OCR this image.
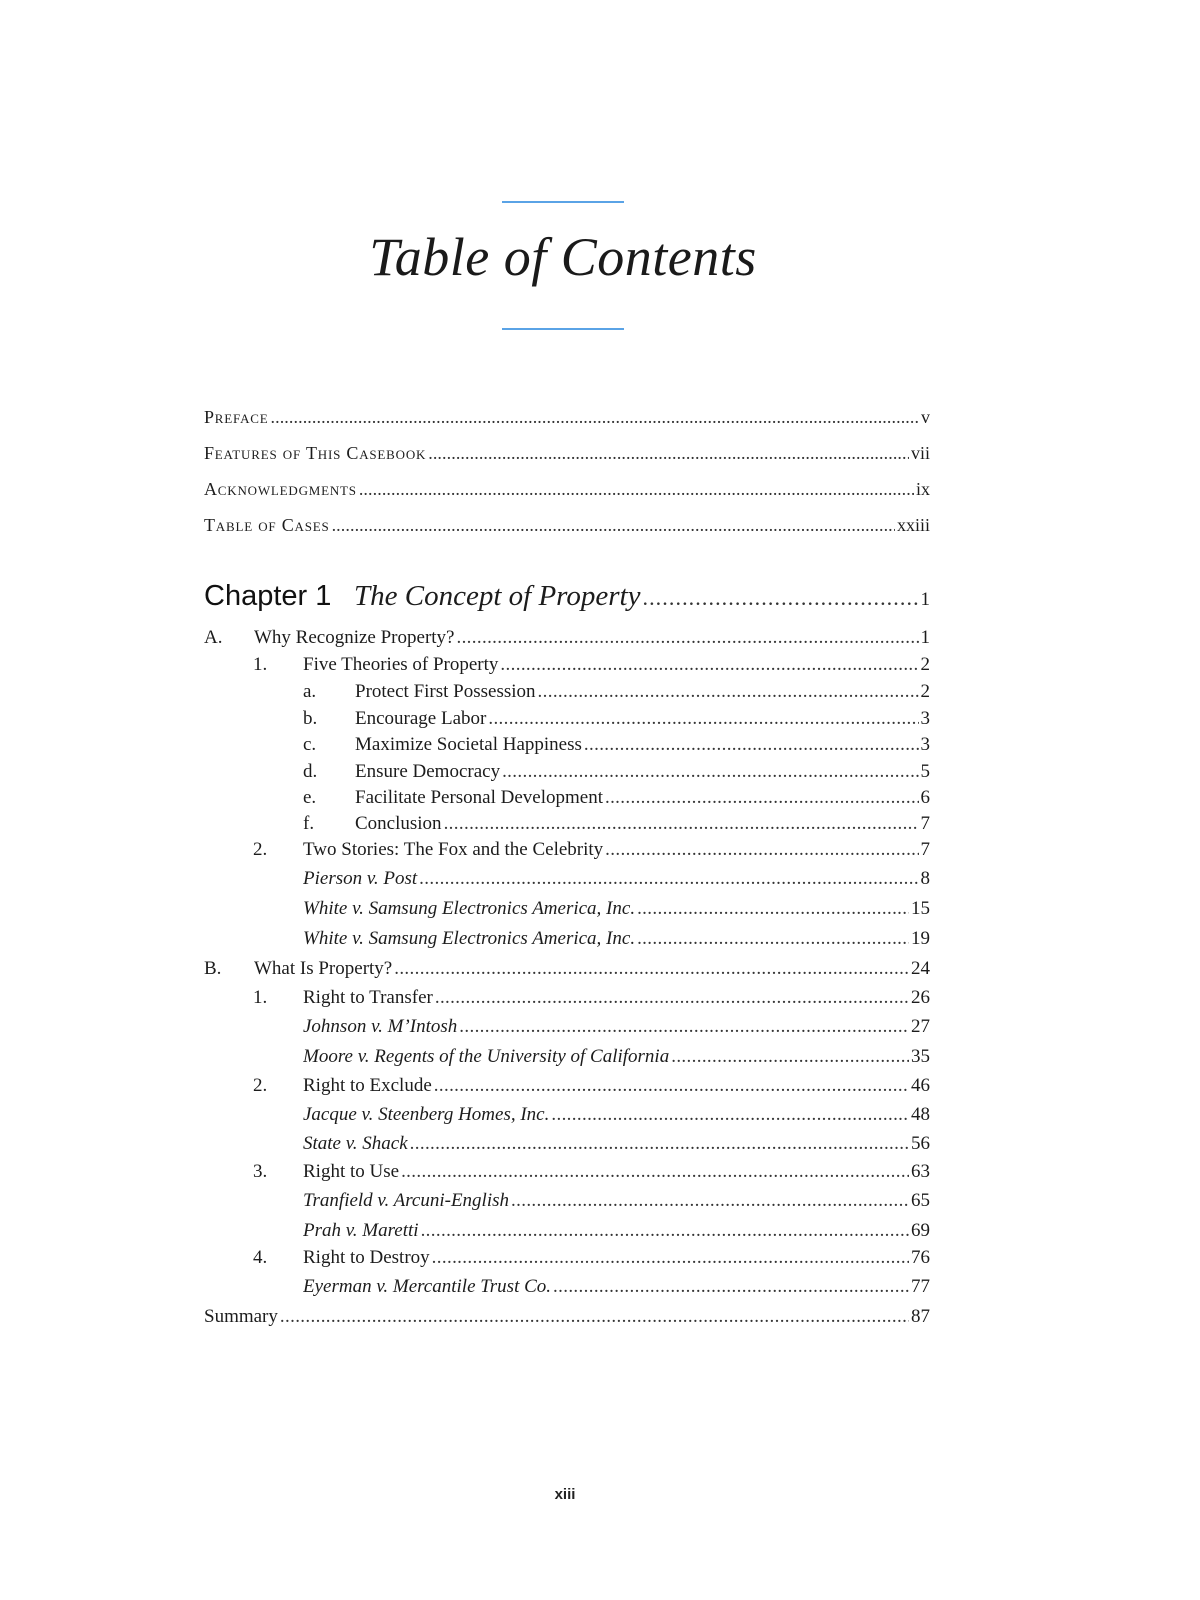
Table of Contents
Preface . . .	v
Features of This Casebook . . .	vii
Acknowledgments . . .	ix
Table of Cases . . .	xxiii
Chapter 1 The Concept of Property . . .	1
A.	Why Recognize Property? . . .	1
1.	Five Theories of Property . . .	2
a.	Protect First Possession . . .	2
b.	Encourage Labor . . .	3
c.	Maximize Societal Happiness . . .	3
d.	Ensure Democracy . . .	5
e.	Facilitate Personal Development . . .	6
f.	Conclusion . . .	7
2.	Two Stories: The Fox and the Celebrity . . .	7
Pierson v. Post . . .	8
White v. Samsung Electronics America, Inc. . . .	15
White v. Samsung Electronics America, Inc. . . .	19
B.	What Is Property? . . .	24
1.	Right to Transfer . . .	26
Johnson v. M’Intosh . . .	27
Moore v. Regents of the University of California . . .	35
2.	Right to Exclude . . .	46
Jacque v. Steenberg Homes, Inc. . . .	48
State v. Shack . . .	56
3.	Right to Use . . .	63
Tranfield v. Arcuni-English . . .	65
Prah v. Maretti . . .	69
4.	Right to Destroy . . .	76
Eyerman v. Mercantile Trust Co. . . .	77
Summary . . .	87
xiii
